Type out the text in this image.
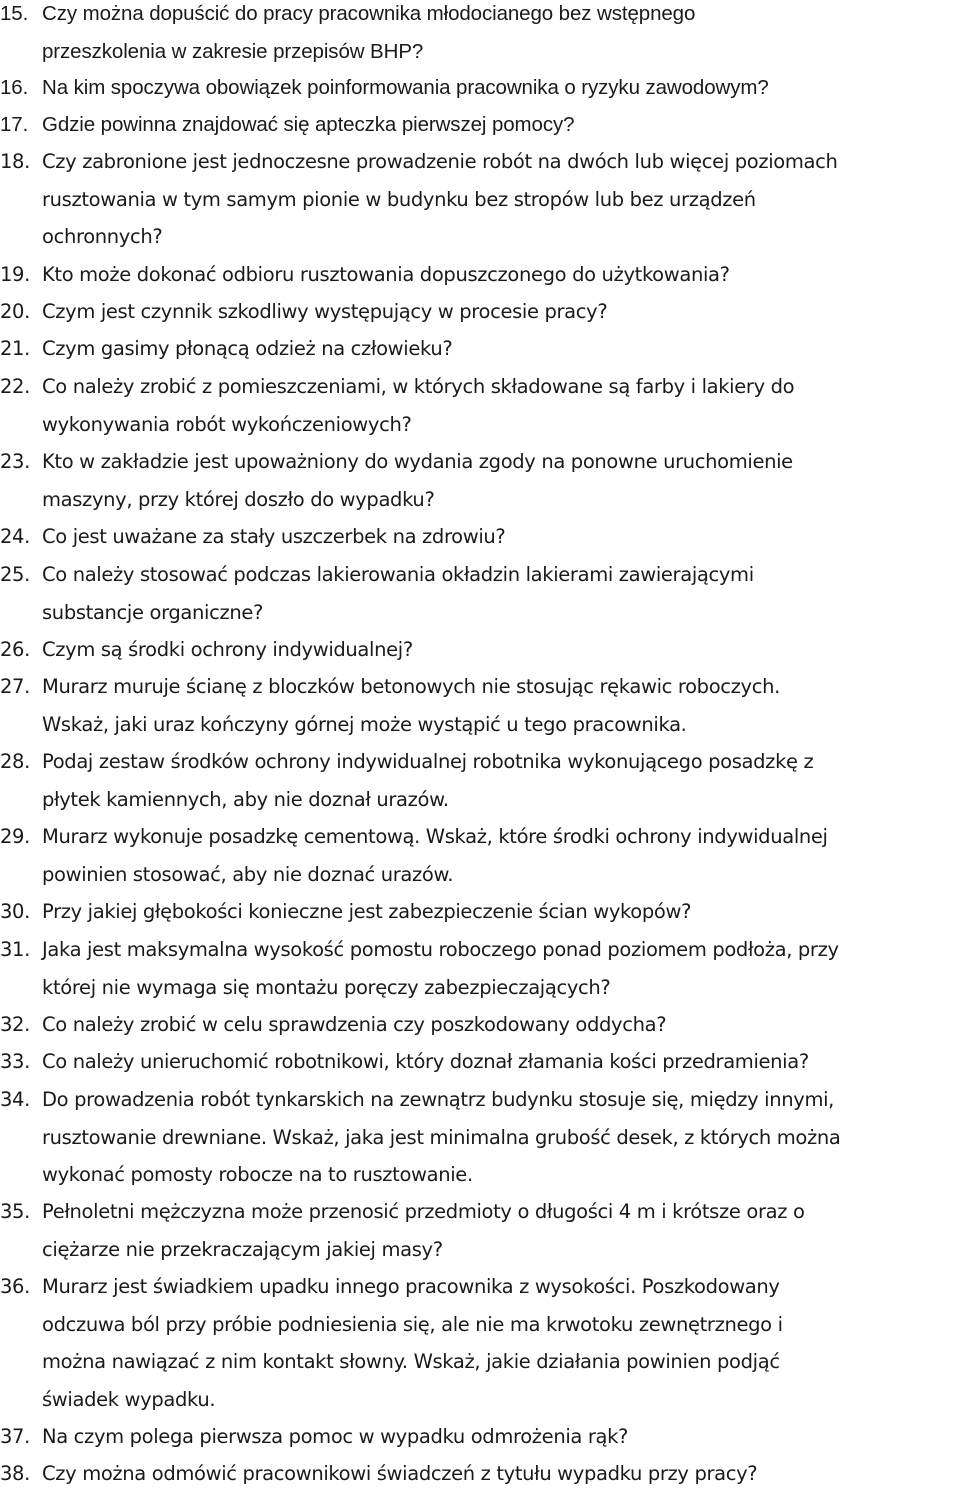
15. Czy można dopuścić do pracy pracownika młodocianego bez wstępnego
przeszkolenia w zakresie przepisów BHP?
16. Na kim spoczywa obowiązek poinformowania pracownika o ryzyku zawodowym?
17. Gdzie powinna znajdować się apteczka pierwszej pomocy?
18. Czy zabronione jest jednoczesne prowadzenie robót na dwóch lub więcej poziomach
rusztowania w tym samym pionie w budynku bez stropów lub bez urządzeń
ochronnych?
19. Kto może dokonać odbioru rusztowania dopuszczonego do użytkowania?
20. Czym jest czynnik szkodliwy występujący w procesie pracy?
21. Czym gasimy płonącą odzież na człowieku?
22. Co należy zrobić z pomieszczeniami, w których składowane są farby i lakiery do
wykonywania robót wykończeniowych?
23. Kto w zakładzie jest upoważniony do wydania zgody na ponowne uruchomienie
maszyny, przy której doszło do wypadku?
24. Co jest uważane za stały uszczerbek na zdrowiu?
25. Co należy stosować podczas lakierowania okładzin lakierami zawierającymi
substancje organiczne?
26. Czym są środki ochrony indywidualnej?
27. Murarz muruje ścianę z bloczków betonowych nie stosując rękawic roboczych.
Wskaż, jaki uraz kończyny górnej może wystąpić u tego pracownika.
28. Podaj zestaw środków ochrony indywidualnej robotnika wykonującego posadzkę z
płytek kamiennych, aby nie doznał urazów.
29. Murarz wykonuje posadzkę cementową. Wskaż, które środki ochrony indywidualnej
powinien stosować, aby nie doznać urazów.
30. Przy jakiej głębokości konieczne jest zabezpieczenie ścian wykopów?
31. Jaka jest maksymalna wysokość pomostu roboczego ponad poziomem podłoża, przy
której nie wymaga się montażu poręczy zabezpieczających?
32. Co należy zrobić w celu sprawdzenia czy poszkodowany oddycha?
33. Co należy unieruchomić robotnikowi, który doznał złamania kości przedramienia?
34. Do prowadzenia robót tynkarskich na zewnątrz budynku stosuje się, między innymi,
rusztowanie drewniane. Wskaż, jaka jest minimalna grubość desek, z których można
wykonać pomosty robocze na to rusztowanie.
35. Pełnoletni mężczyzna może przenosić przedmioty o długości 4 m i krótsze oraz o
ciężarze nie przekraczającym jakiej masy?
36. Murarz jest świadkiem upadku innego pracownika z wysokości. Poszkodowany
odczuwa ból przy próbie podniesienia się, ale nie ma krwotoku zewnętrznego i
można nawiązać z nim kontakt słowny. Wskaż, jakie działania powinien podjąć
świadek wypadku.
37. Na czym polega pierwsza pomoc w wypadku odmrożenia rąk?
38. Czy można odmówić pracownikowi świadczeń z tytułu wypadku przy pracy?
